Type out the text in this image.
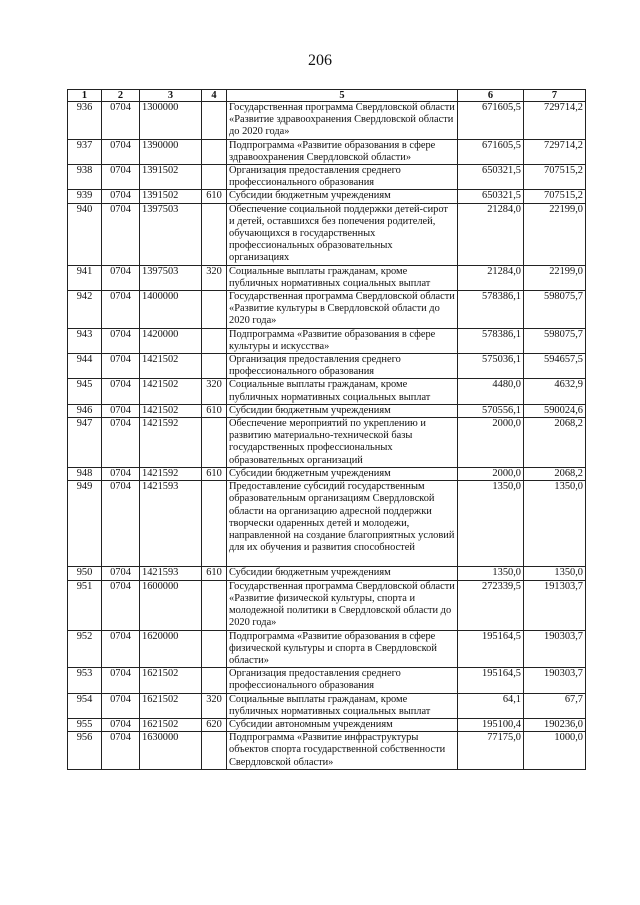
206
1	2	3	4	5	6	7
936	0704	1300000		Государственная программа Свердловской области «Развитие здравоохранения Свердловской области до 2020 года»	671605,5	729714,2
937	0704	1390000		Подпрограмма «Развитие образования в сфере здравоохранения Свердловской области»	671605,5	729714,2
938	0704	1391502		Организация предоставления среднего профессионального образования	650321,5	707515,2
939	0704	1391502	610	Субсидии бюджетным учреждениям	650321,5	707515,2
940	0704	1397503		Обеспечение социальной поддержки детей-сирот и детей, оставшихся без попечения родителей, обучающихся в государственных профессиональных образовательных организациях	21284,0	22199,0
941	0704	1397503	320	Социальные выплаты гражданам, кроме публичных нормативных социальных выплат	21284,0	22199,0
942	0704	1400000		Государственная программа Свердловской области «Развитие культуры в Свердловской области до 2020 года»	578386,1	598075,7
943	0704	1420000		Подпрограмма «Развитие образования в сфере культуры и искусства»	578386,1	598075,7
944	0704	1421502		Организация предоставления среднего профессионального образования	575036,1	594657,5
945	0704	1421502	320	Социальные выплаты гражданам, кроме публичных нормативных социальных выплат	4480,0	4632,9
946	0704	1421502	610	Субсидии бюджетным учреждениям	570556,1	590024,6
947	0704	1421592		Обеспечение мероприятий по укреплению и развитию материально-технической базы государственных профессиональных образовательных организаций	2000,0	2068,2
948	0704	1421592	610	Субсидии бюджетным учреждениям	2000,0	2068,2
949	0704	1421593		Предоставление субсидий государственным образовательным организациям Свердловской области на организацию адресной поддержки творчески одаренных детей и молодежи, направленной на создание благоприятных условий для их обучения и развития способностей	1350,0	1350,0
950	0704	1421593	610	Субсидии бюджетным учреждениям	1350,0	1350,0
951	0704	1600000		Государственная программа Свердловской области «Развитие физической культуры, спорта и молодежной политики в Свердловской области до 2020 года»	272339,5	191303,7
952	0704	1620000		Подпрограмма «Развитие образования в сфере физической культуры и спорта в Свердловской области»	195164,5	190303,7
953	0704	1621502		Организация предоставления среднего профессионального образования	195164,5	190303,7
954	0704	1621502	320	Социальные выплаты гражданам, кроме публичных нормативных социальных выплат	64,1	67,7
955	0704	1621502	620	Субсидии автономным учреждениям	195100,4	190236,0
956	0704	1630000		Подпрограмма «Развитие инфраструктуры объектов спорта государственной собственности Свердловской области»	77175,0	1000,0
